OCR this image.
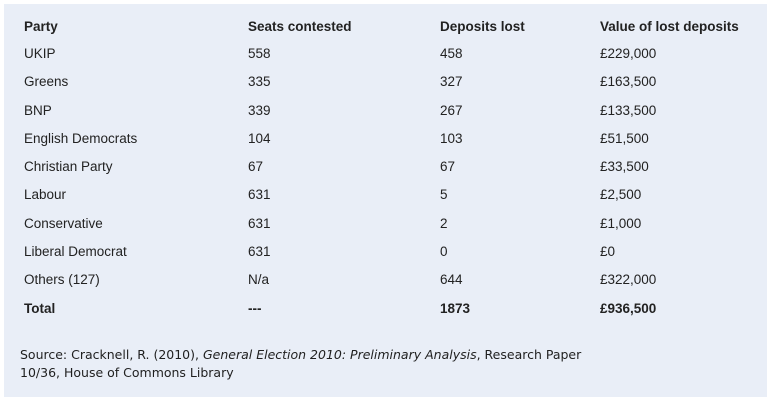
Party	Seats contested	Deposits lost	Value of lost deposits
UKIP	558	458	£229,000
Greens	335	327	£163,500
BNP	339	267	£133,500
English Democrats	104	103	£51,500
Christian Party	67	67	£33,500
Labour	631	5	£2,500
Conservative	631	2	£1,000
Liberal Democrat	631	0	£0
Others (127)	N/a	644	£322,000
Total	---	1873	£936,500
Source: Cracknell, R. (2010), General Election 2010: Preliminary Analysis, Research Paper 10/36, House of Commons Library
